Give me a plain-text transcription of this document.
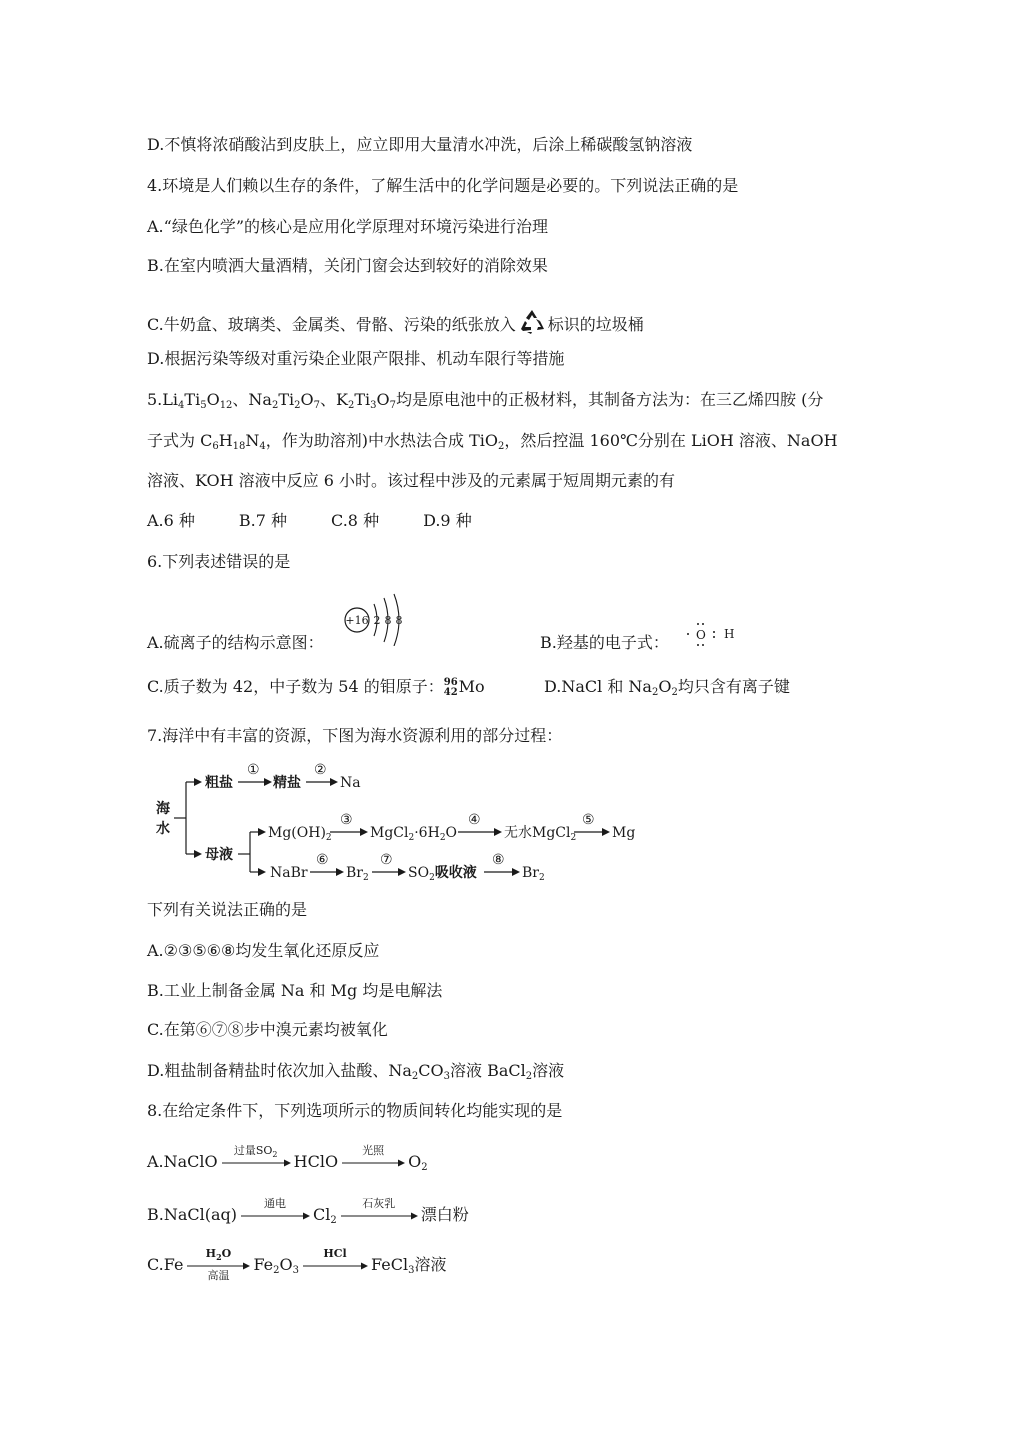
D.不慎将浓硝酸沾到皮肤上，应立即用大量清水冲洗，后涂上稀碳酸氢钠溶液
4.环境是人们赖以生存的条件，了解生活中的化学问题是必要的。下列说法正确的是
A.“绿色化学”的核心是应用化学原理对环境污染进行治理
B.在室内喷洒大量酒精，关闭门窗会达到较好的消除效果
C.牛奶盒、玻璃类、金属类、骨骼、污染的纸张放入 标识的垃圾桶
D.根据污染等级对重污染企业限产限排、机动车限行等措施
$5.Li_4Ti_5O_{12}$、$Na_2Ti_2O_7$、$K_2Ti_3O_7$均是原电池中的正极材料，其制备方法为：在三乙烯四胺 (分
子式为 $C_6H_{18}N_4$，作为助溶剂)中水热法合成 TiO$_2$，然后控温 160℃分别在 LiOH 溶液、NaOH
溶液、KOH 溶液中反应 6 小时。该过程中涉及的元素属于短周期元素的有
A.6 种	B.7 种	C.8 种	D.9 种
6.下列表述错误的是
A.硫离子的结构示意图：
+16 2 8 8
B.羟基的电子式： O H
C.质子数为 42，中子数为 54 的钼原子： 96
42 Mo	D.NaCl 和 $Na_2O_2$均只含有离子键
7.海洋中有丰富的资源，下图为海水资源利用的部分过程：
海
水
粗盐
①
精盐
②
Na
母液
$Mg(OH)_2$
③
$MgCl_2\cdot 6H_2O$
④
无水MgCl$_2$
⑤
Mg
NaBr
⑥
$Br_2$
⑦
$SO_2$吸收液
⑧
$Br_2$
下列有关说法正确的是
A.②③⑤⑥⑧均发生氧化还原反应
B.工业上制备金属 Na 和 Mg 均是电解法
C.在第⑥⑦⑧步中溴元素均被氧化
D.粗盐制备精盐时依次加入盐酸、$Na_2CO_3$溶液 BaCl$_2$溶液
8.在给定条件下，下列选项所示的物质间转化均能实现的是
A.NaClO
过量$SO_2$	HClO
光照
$O_2$
B.NaCl(aq)
通电
$Cl_2$
石灰乳
漂白粉
C.Fe
$H_2O$
高温
$Fe_2O_3$
HCl
FeCl$_3$溶液
